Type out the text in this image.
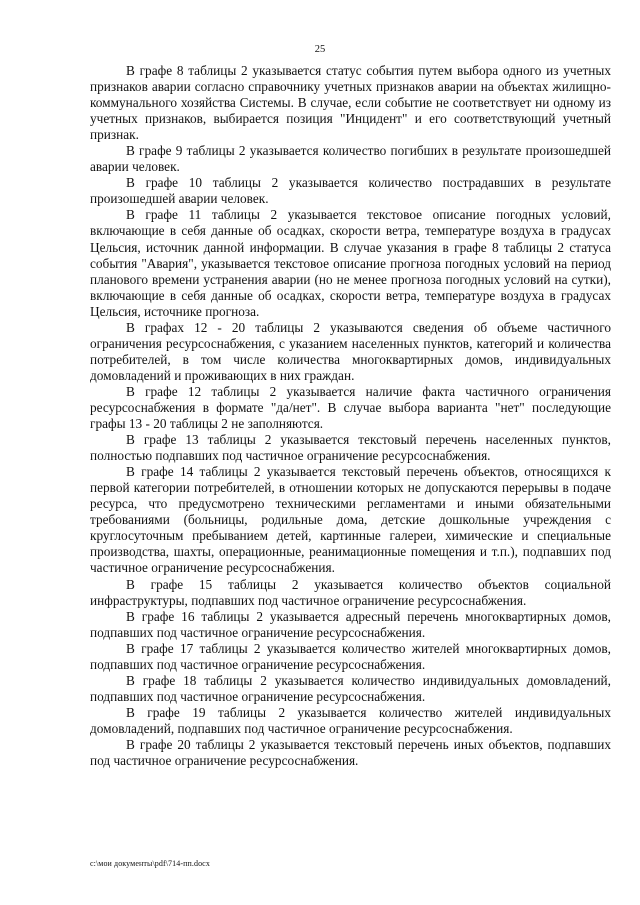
25

В графе 8 таблицы 2 указывается статус события путем выбора одного из учетных признаков аварии согласно справочнику учетных признаков аварии на объектах жилищно-коммунального хозяйства Системы. В случае, если событие не соответствует ни одному из учетных признаков, выбирается позиция "Инцидент" и его соответствующий учетный признак.

В графе 9 таблицы 2 указывается количество погибших в результате произошедшей аварии человек.

В графе 10 таблицы 2 указывается количество пострадавших в результате произошедшей аварии человек.

В графе 11 таблицы 2 указывается текстовое описание погодных условий, включающие в себя данные об осадках, скорости ветра, температуре воздуха в градусах Цельсия, источник данной информации. В случае указания в графе 8 таблицы 2 статуса события "Авария", указывается текстовое описание прогноза погодных условий на период планового времени устранения аварии (но не менее прогноза погодных условий на сутки), включающие в себя данные об осадках, скорости ветра, температуре воздуха в градусах Цельсия, источнике прогноза.

В графах 12 - 20 таблицы 2 указываются сведения об объеме частичного ограничения ресурсоснабжения, с указанием населенных пунктов, категорий и количества потребителей, в том числе количества многоквартирных домов, индивидуальных домовладений и проживающих в них граждан.

В графе 12 таблицы 2 указывается наличие факта частичного ограничения ресурсоснабжения в формате "да/нет". В случае выбора варианта "нет" последующие графы 13 - 20 таблицы 2 не заполняются.

В графе 13 таблицы 2 указывается текстовый перечень населенных пунктов, полностью подпавших под частичное ограничение ресурсоснабжения.

В графе 14 таблицы 2 указывается текстовый перечень объектов, относящихся к первой категории потребителей, в отношении которых не допускаются перерывы в подаче ресурса, что предусмотрено техническими регламентами и иными обязательными требованиями (больницы, родильные дома, детские дошкольные учреждения с круглосуточным пребыванием детей, картинные галереи, химические и специальные производства, шахты, операционные, реанимационные помещения и т.п.), подпавших под частичное ограничение ресурсоснабжения.

В графе 15 таблицы 2 указывается количество объектов социальной инфраструктуры, подпавших под частичное ограничение ресурсоснабжения.

В графе 16 таблицы 2 указывается адресный перечень многоквартирных домов, подпавших под частичное ограничение ресурсоснабжения.

В графе 17 таблицы 2 указывается количество жителей многоквартирных домов, подпавших под частичное ограничение ресурсоснабжения.

В графе 18 таблицы 2 указывается количество индивидуальных домовладений, подпавших под частичное ограничение ресурсоснабжения.

В графе 19 таблицы 2 указывается количество жителей индивидуальных домовладений, подпавших под частичное ограничение ресурсоснабжения.

В графе 20 таблицы 2 указывается текстовый перечень иных объектов, подпавших под частичное ограничение ресурсоснабжения.

c:\мои документы\pdf\714-пп.docx
